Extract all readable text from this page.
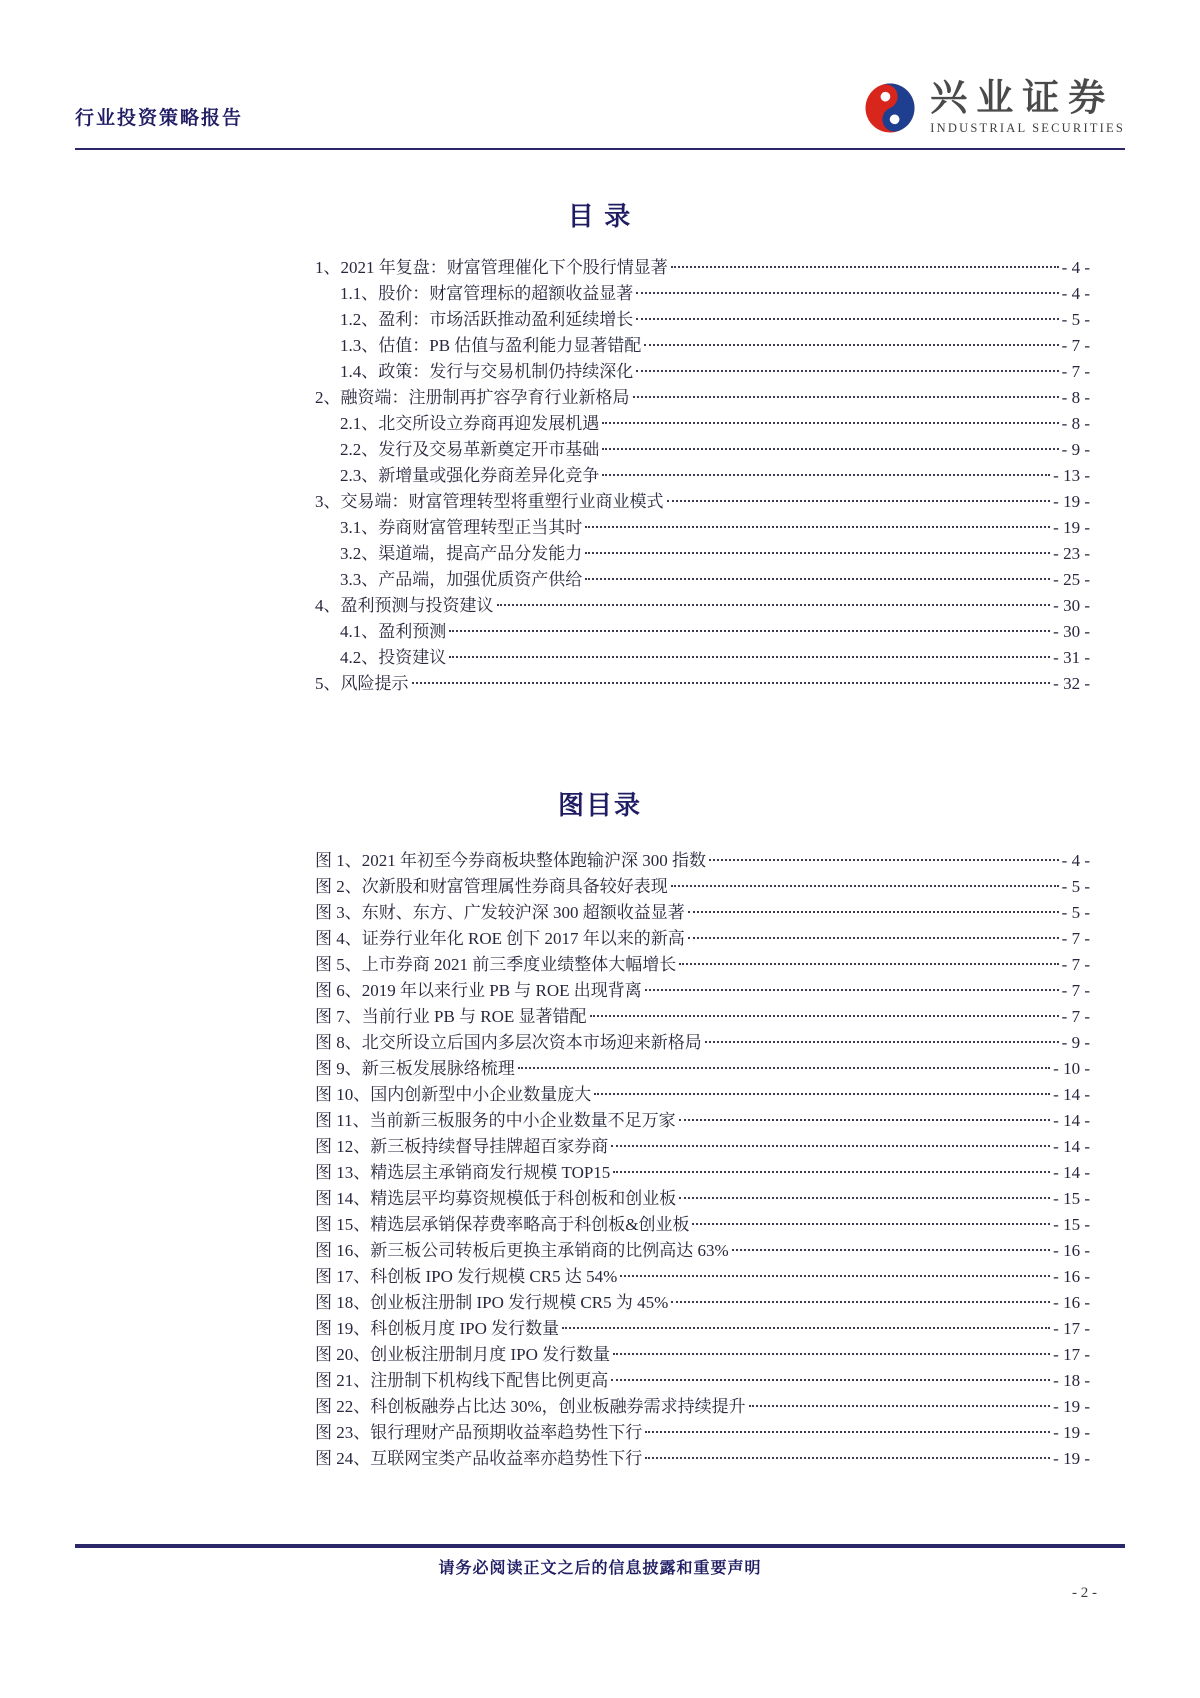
行业投资策略报告	兴业证券
INDUSTRIAL SECURITIES
目 录
1、2021 年复盘：财富管理催化下个股行情显著	- 4 -
1.1、股价：财富管理标的超额收益显著	- 4 -
1.2、盈利：市场活跃推动盈利延续增长	- 5 -
1.3、估值：PB 估值与盈利能力显著错配	- 7 -
1.4、政策：发行与交易机制仍持续深化	- 7 -
2、融资端：注册制再扩容孕育行业新格局	- 8 -
2.1、北交所设立券商再迎发展机遇	- 8 -
2.2、发行及交易革新奠定开市基础	- 9 -
2.3、新增量或强化券商差异化竞争	- 13 -
3、交易端：财富管理转型将重塑行业商业模式	- 19 -
3.1、券商财富管理转型正当其时	- 19 -
3.2、渠道端，提高产品分发能力	- 23 -
3.3、产品端，加强优质资产供给	- 25 -
4、盈利预测与投资建议	- 30 -
4.1、盈利预测	- 30 -
4.2、投资建议	- 31 -
5、风险提示	- 32 -
图目录
图 1、2021 年初至今券商板块整体跑输沪深 300 指数	- 4 -
图 2、次新股和财富管理属性券商具备较好表现	- 5 -
图 3、东财、东方、广发较沪深 300 超额收益显著	- 5 -
图 4、证券行业年化 ROE 创下 2017 年以来的新高	- 7 -
图 5、上市券商 2021 前三季度业绩整体大幅增长	- 7 -
图 6、2019 年以来行业 PB 与 ROE 出现背离	- 7 -
图 7、当前行业 PB 与 ROE 显著错配	- 7 -
图 8、北交所设立后国内多层次资本市场迎来新格局	- 9 -
图 9、新三板发展脉络梳理	- 10 -
图 10、国内创新型中小企业数量庞大	- 14 -
图 11、当前新三板服务的中小企业数量不足万家	- 14 -
图 12、新三板持续督导挂牌超百家券商	- 14 -
图 13、精选层主承销商发行规模 TOP15	- 14 -
图 14、精选层平均募资规模低于科创板和创业板	- 15 -
图 15、精选层承销保荐费率略高于科创板&创业板	- 15 -
图 16、新三板公司转板后更换主承销商的比例高达 63%	- 16 -
图 17、科创板 IPO 发行规模 CR5 达 54%	- 16 -
图 18、创业板注册制 IPO 发行规模 CR5 为 45%	- 16 -
图 19、科创板月度 IPO 发行数量	- 17 -
图 20、创业板注册制月度 IPO 发行数量	- 17 -
图 21、注册制下机构线下配售比例更高	- 18 -
图 22、科创板融券占比达 30%，创业板融券需求持续提升	- 19 -
图 23、银行理财产品预期收益率趋势性下行	- 19 -
图 24、互联网宝类产品收益率亦趋势性下行	- 19 -
请务必阅读正文之后的信息披露和重要声明
- 2 -
